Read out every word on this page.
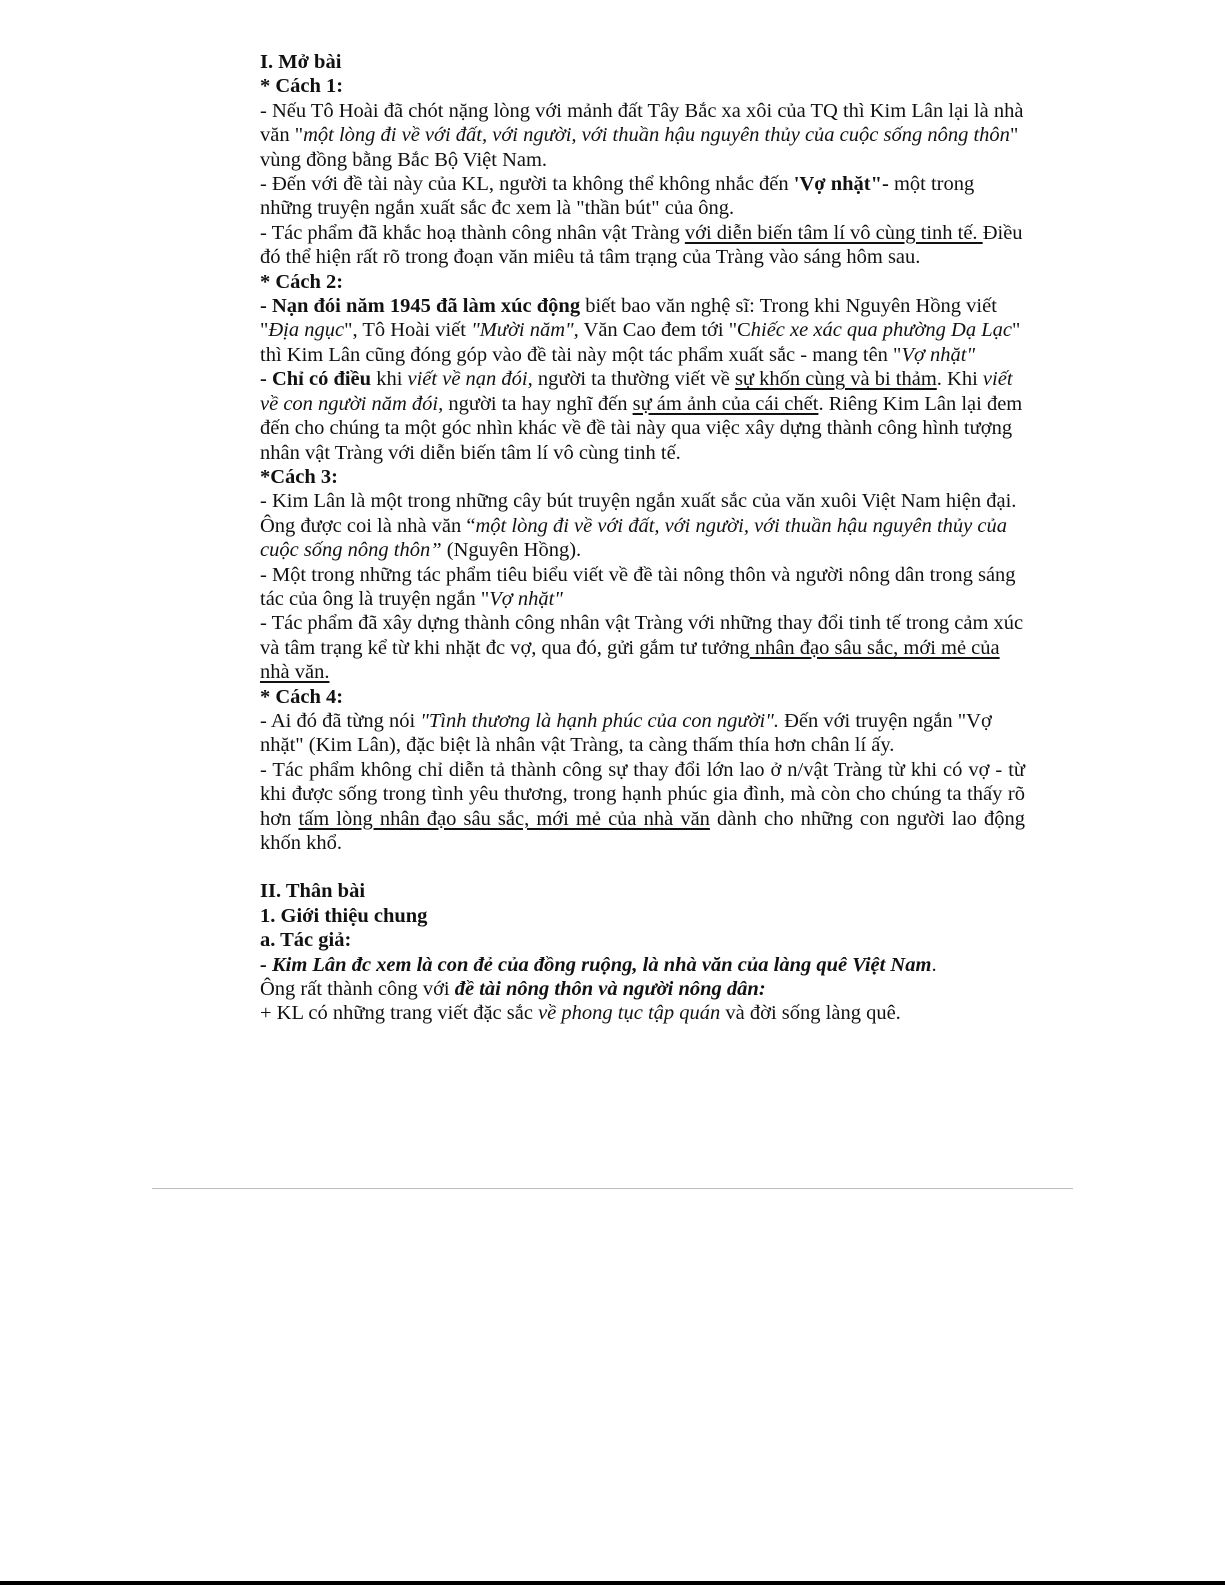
I. Mở bài

* Cách 1:

- Nếu Tô Hoài đã chót nặng lòng với mảnh đất Tây Bắc xa xôi của TQ thì Kim Lân lại là nhà văn "một lòng đi về với đất, với người, với thuần hậu nguyên thủy của cuộc sống nông thôn" vùng đồng bằng Bắc Bộ Việt Nam.

- Đến với đề tài này của KL, người ta không thể không nhắc đến 'Vợ nhặt"- một trong những truyện ngắn xuất sắc đc xem là "thần bút" của ông.

- Tác phẩm đã khắc hoạ thành công nhân vật Tràng với diễn biến tâm lí vô cùng tinh tế. Điều đó thể hiện rất rõ trong đoạn văn miêu tả tâm trạng của Tràng vào sáng hôm sau.

* Cách 2:

- Nạn đói năm 1945 đã làm xúc động biết bao văn nghệ sĩ: Trong khi Nguyên Hồng viết "Địa ngục", Tô Hoài viết "Mười năm", Văn Cao đem tới "Chiếc xe xác qua phường Dạ Lạc" thì Kim Lân cũng đóng góp vào đề tài này một tác phẩm xuất sắc - mang tên "Vợ nhặt"

- Chỉ có điều khi viết về nạn đói, người ta thường viết về sự khốn cùng và bi thảm. Khi viết về con người năm đói, người ta hay nghĩ đến sự ám ảnh của cái chết. Riêng Kim Lân lại đem đến cho chúng ta một góc nhìn khác về đề tài này qua việc xây dựng thành công hình tượng nhân vật Tràng với diễn biến tâm lí vô cùng tinh tế.

*Cách 3:

- Kim Lân là một trong những cây bút truyện ngắn xuất sắc của văn xuôi Việt Nam hiện đại. Ông được coi là nhà văn “một lòng đi về với đất, với người, với thuần hậu nguyên thủy của cuộc sống nông thôn” (Nguyên Hồng).

- Một trong những tác phẩm tiêu biểu viết về đề tài nông thôn và người nông dân trong sáng tác của ông là truyện ngắn "Vợ nhặt"

- Tác phẩm đã xây dựng thành công nhân vật Tràng với những thay đổi tinh tế trong cảm xúc và tâm trạng kể từ khi nhặt đc vợ, qua đó, gửi gắm tư tưởng nhân đạo sâu sắc, mới mẻ của nhà văn.

* Cách 4:

- Ai đó đã từng nói "Tình thương là hạnh phúc của con người". Đến với truyện ngắn "Vợ nhặt" (Kim Lân), đặc biệt là nhân vật Tràng, ta càng thấm thía hơn chân lí ấy.

- Tác phẩm không chỉ diễn tả thành công sự thay đổi lớn lao ở n/vật Tràng từ khi có vợ - từ khi được sống trong tình yêu thương, trong hạnh phúc gia đình, mà còn cho chúng ta thấy rõ hơn tấm lòng nhân đạo sâu sắc, mới mẻ của nhà văn dành cho những con người lao động khốn khổ.

II. Thân bài

1. Giới thiệu chung

a. Tác giả:

- Kim Lân đc xem là con đẻ của đồng ruộng, là nhà văn của làng quê Việt Nam.
Ông rất thành công với đề tài nông thôn và người nông dân:

+ KL có những trang viết đặc sắc về phong tục tập quán và đời sống làng quê.
